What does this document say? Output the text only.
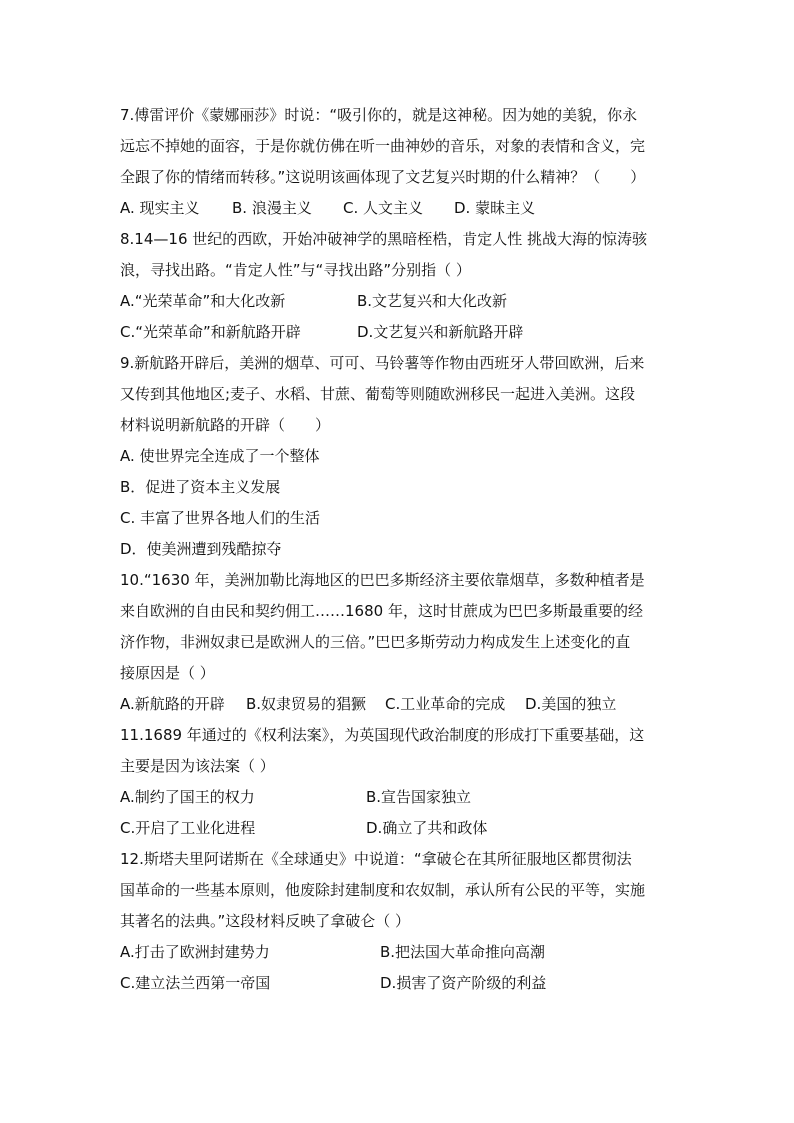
7.傅雷评价《蒙娜丽莎》时说：“吸引你的，就是这神秘。因为她的美貌，你永
远忘不掉她的面容，于是你就仿佛在听一曲神妙的音乐，对象的表情和含义，完
全跟了你的情绪而转移。”这说明该画体现了文艺复兴时期的什么精神？（　　）
A. 现实主义 B. 浪漫主义 C. 人文主义 D. 蒙昧主义
8.14—16 世纪的西欧，开始冲破神学的黑暗桎梏，肯定人性 挑战大海的惊涛骇
浪，寻找出路。“肯定人性”与“寻找出路”分别指（ ）
A.“光荣革命”和大化改新	B.文艺复兴和大化改新
C.“光荣革命”和新航路开辟	D.文艺复兴和新航路开辟
9.新航路开辟后，美洲的烟草、可可、马铃薯等作物由西班牙人带回欧洲，后来
又传到其他地区;麦子、水稻、甘蔗、葡萄等则随欧洲移民一起进入美洲。这段
材料说明新航路的开辟（　　）
A. 使世界完全连成了一个整体
B．促进了资本主义发展
C. 丰富了世界各地人们的生活
D．使美洲遭到残酷掠夺
10.“1630 年，美洲加勒比海地区的巴巴多斯经济主要依靠烟草，多数种植者是
来自欧洲的自由民和契约佣工……1680 年，这时甘蔗成为巴巴多斯最重要的经
济作物，非洲奴隶已是欧洲人的三倍。”巴巴多斯劳动力构成发生上述变化的直
接原因是（ ）
A.新航路的开辟 B.奴隶贸易的猖獗 C.工业革命的完成 D.美国的独立
11.1689 年通过的《权利法案》，为英国现代政治制度的形成打下重要基础，这
主要是因为该法案（ ）
A.制约了国王的权力	B.宣告国家独立
C.开启了工业化进程	D.确立了共和政体
12.斯塔夫里阿诺斯在《全球通史》中说道：“拿破仑在其所征服地区都贯彻法
国革命的一些基本原则，他废除封建制度和农奴制，承认所有公民的平等，实施
其著名的法典。”这段材料反映了拿破仑（ ）
A.打击了欧洲封建势力	B.把法国大革命推向高潮
C.建立法兰西第一帝国	D.损害了资产阶级的利益
